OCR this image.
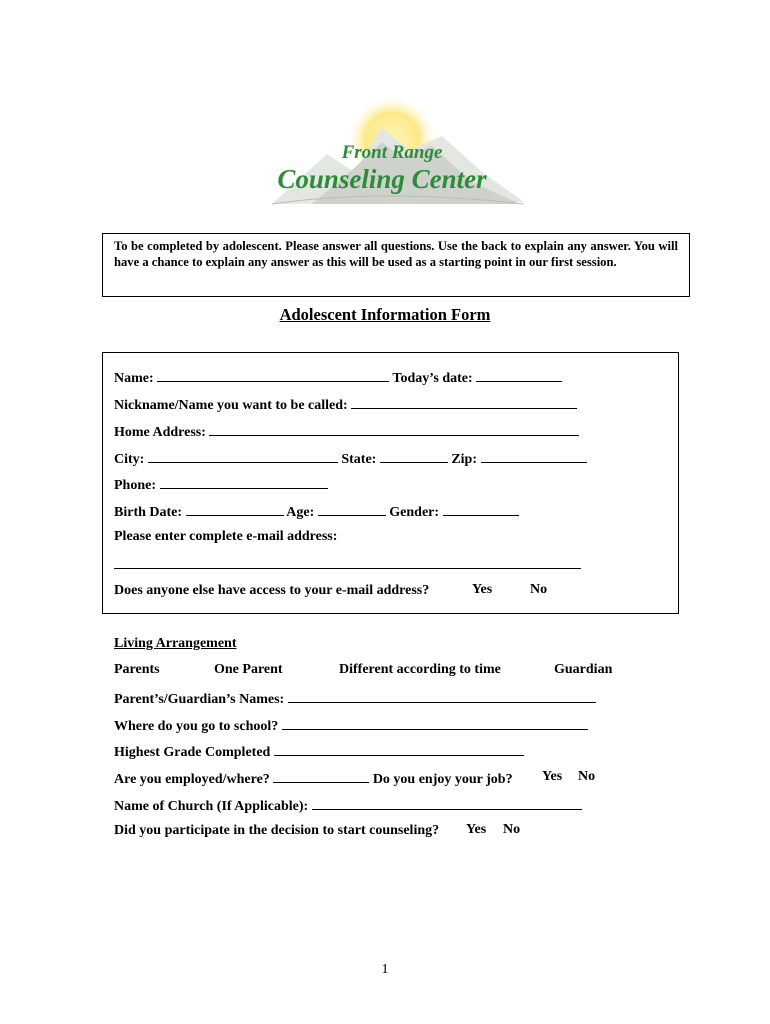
Front Range
Counseling Center
To be completed by adolescent. Please answer all questions. Use the back to explain any answer. You will have a chance to explain any answer as this will be used as a starting point in our first session.
Adolescent Information Form
Name:	Today’s date:
Nickname/Name you want to be called:
Home Address:
City:	State:	Zip:
Phone:
Birth Date:	Age:	Gender:
Please enter complete e-mail address:
Does anyone else have access to your e-mail address?	Yes	No
Living Arrangement
Parents	One Parent	Different according to time	Guardian
Parent’s/Guardian’s Names:
Where do you go to school?
Highest Grade Completed
Are you employed/where?	Do you enjoy your job? Yes No
Name of Church (If Applicable):
Did you participate in the decision to start counseling? Yes No
1
